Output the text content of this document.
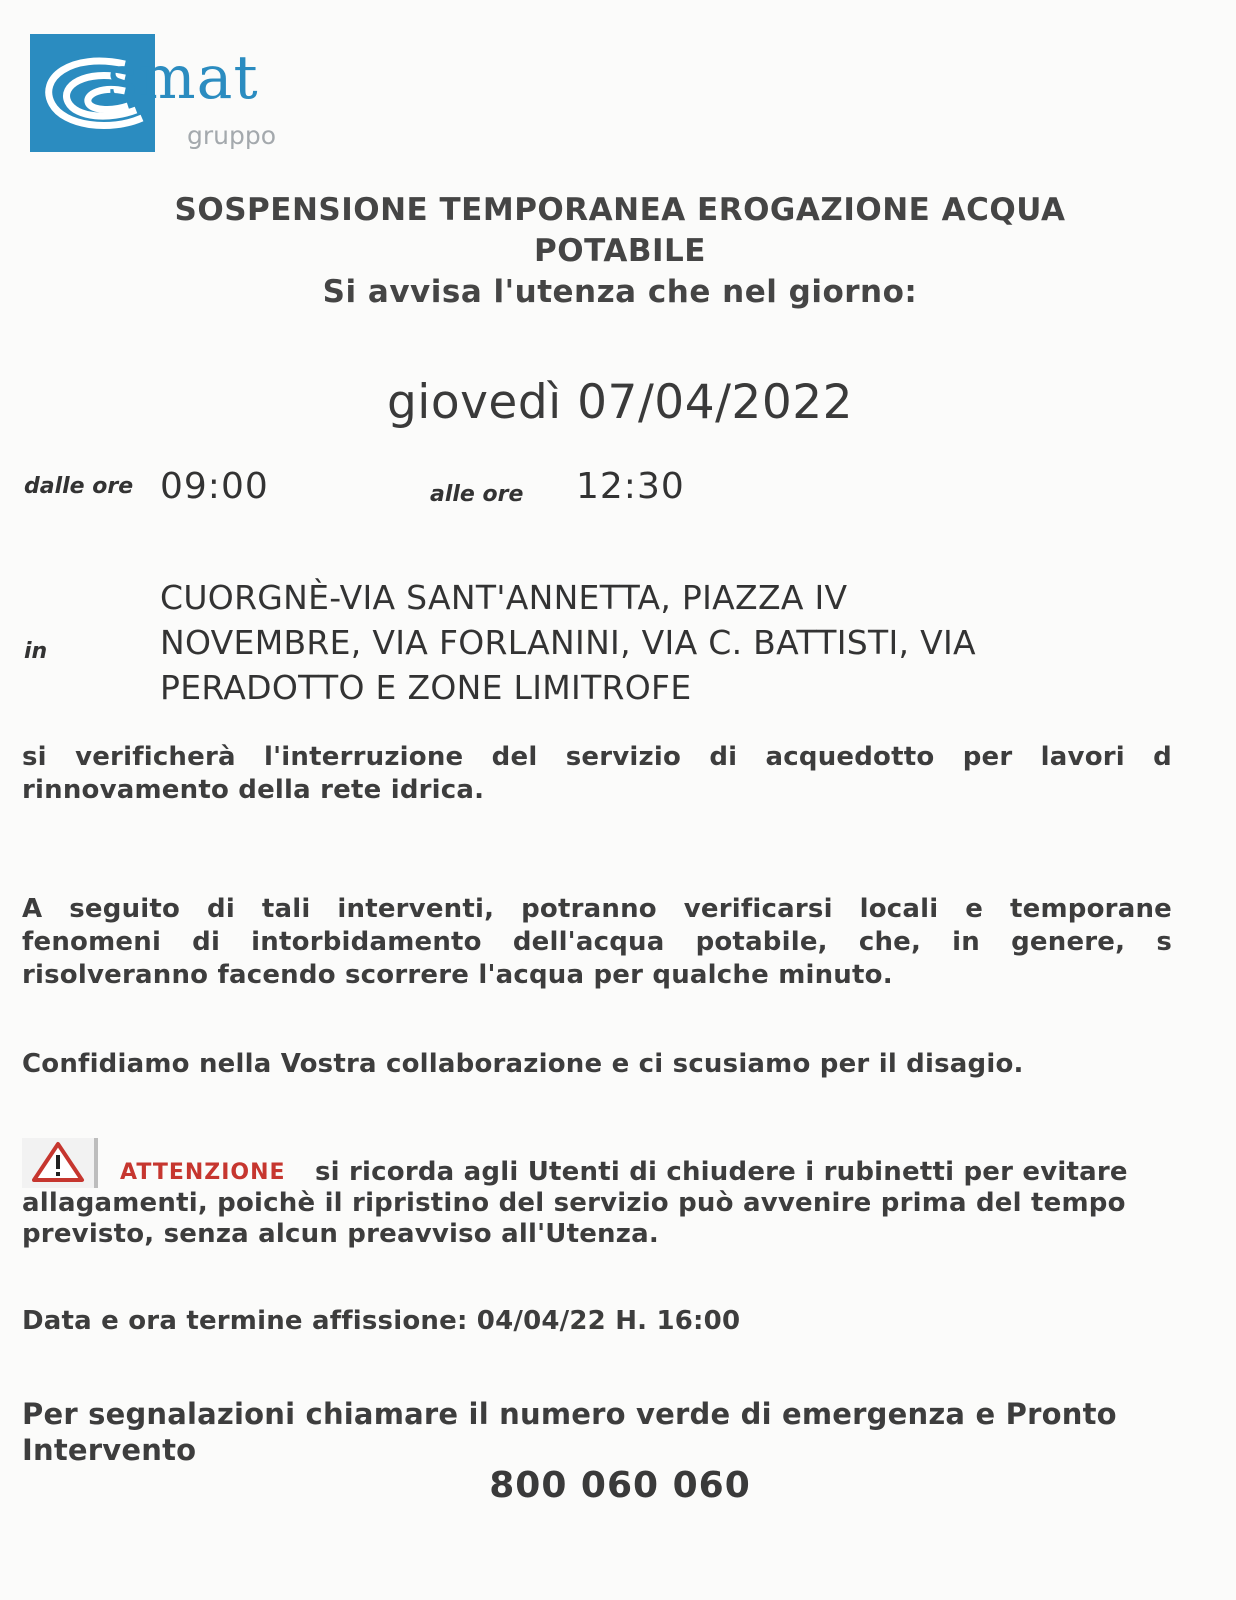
smat
gruppo
SOSPENSIONE TEMPORANEA EROGAZIONE ACQUA
POTABILE
Si avvisa l'utenza che nel giorno:
giovedì 07/04/2022
dalle ore 09:00	alle ore 12:30
in
CUORGNÈ-VIA SANT'ANNETTA, PIAZZA IV
NOVEMBRE, VIA FORLANINI, VIA C. BATTISTI, VIA
PERADOTTO E ZONE LIMITROFE
si verificherà l'interruzione del servizio di acquedotto per lavori d
rinnovamento della rete idrica.
A seguito di tali interventi, potranno verificarsi locali e temporane
fenomeni di intorbidamento dell'acqua potabile, che, in genere, s
risolveranno facendo scorrere l'acqua per qualche minuto.
Confidiamo nella Vostra collaborazione e ci scusiamo per il disagio.
ATTENZIONE si ricorda agli Utenti di chiudere i rubinetti per evitare
allagamenti, poichè il ripristino del servizio può avvenire prima del tempo
previsto, senza alcun preavviso all'Utenza.
Data e ora termine affissione: 04/04/22 H. 16:00
Per segnalazioni chiamare il numero verde di emergenza e Pronto
Intervento
800 060 060
